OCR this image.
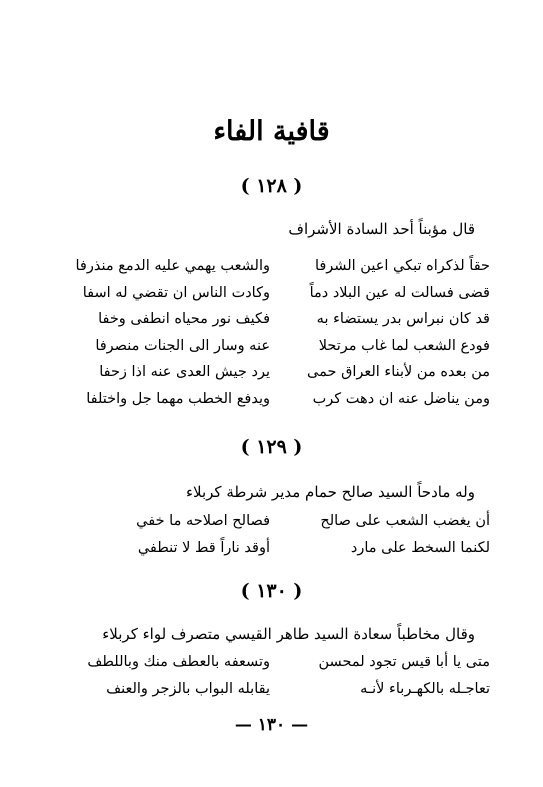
قافية الفاء
( ١٢٨ )
قال مؤبناً أحد السادة الأشراف
حقاً لذكراه تبكي اعين الشرفا
والشعب يهمي عليه الدمع منذرفا
قضى فسالت له عين البلاد دماً
وكادت الناس ان تقضي له اسفا
قد كان نبراس بدر يستضاء به
فكيف نور محياه انطفى وخفا
فودع الشعب لما غاب مرتحلا
عنه وسار الى الجنات منصرفا
من بعده من لأبناء العراق حمى
يرد جيش العدى عنه اذا زحفا
ومن يناضل عنه ان دهت كرب
ويدفع الخطب مهما جل واختلفا
( ١٢٩ )
وله مادحاً السيد صالح حمام مدير شرطة كربلاء
أن يغضب الشعب على صالح
فصالح اصلاحه ما خفي
لكنما السخط على مارد
أوقد ناراً قط لا تنطفي
( ١٣٠ )
وقال مخاطباً سعادة السيد طاهر القيسي متصرف لواء كربلاء
متى يا أبا قيس تجود لمحسن
وتسعفه بالعطف منك وباللطف
تعاجـله بالكهـرباء لأنـه
يقابله البواب بالزجر والعنف
— ١٣٠ —
